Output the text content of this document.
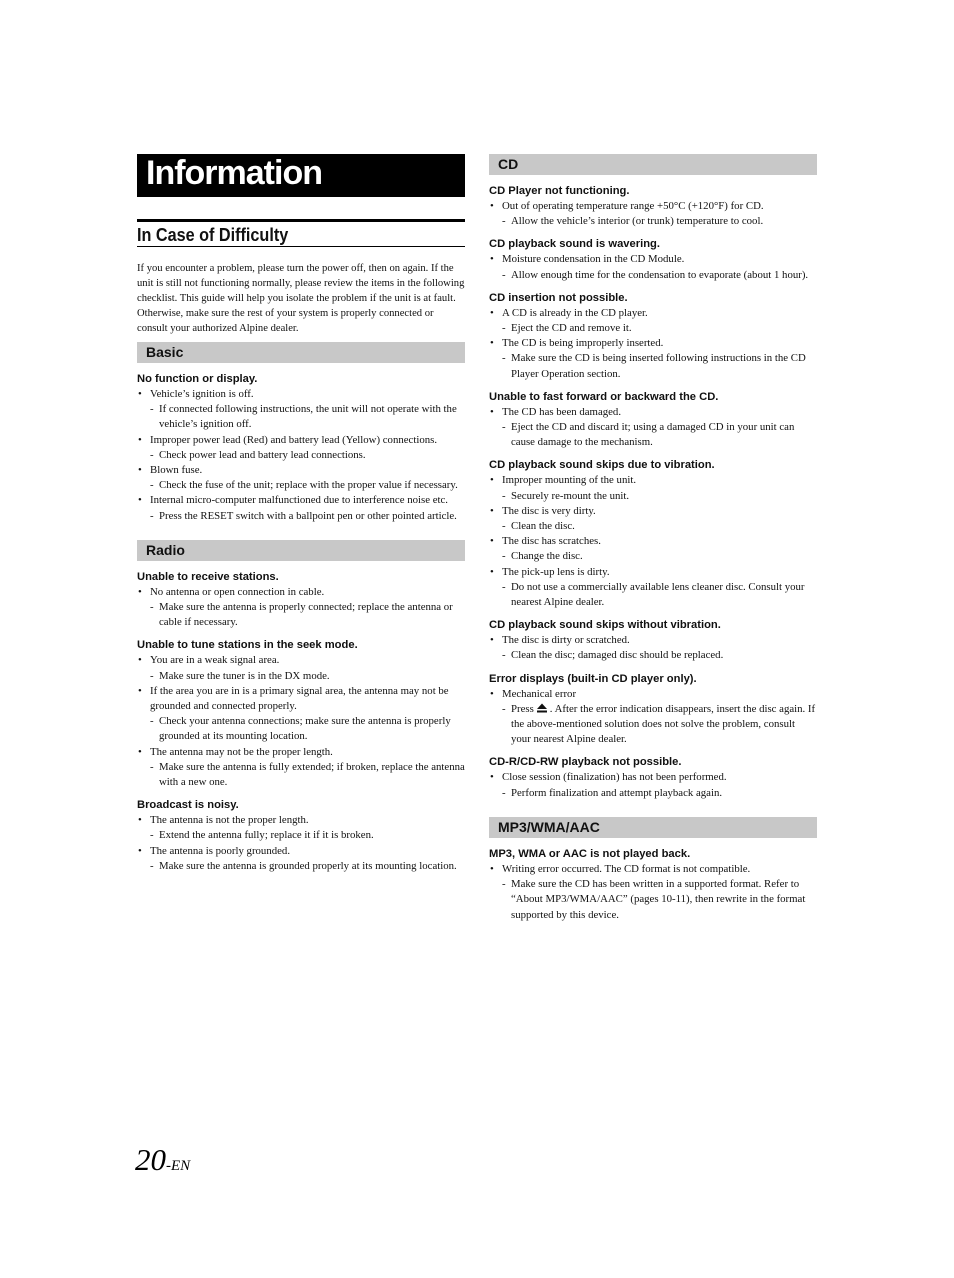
Information
In Case of Difficulty
If you encounter a problem, please turn the power off, then on again. If the unit is still not functioning normally, please review the items in the following checklist. This guide will help you isolate the problem if the unit is at fault. Otherwise, make sure the rest of your system is properly connected or consult your authorized Alpine dealer.
Basic
No function or display.
• Vehicle’s ignition is off.
- If connected following instructions, the unit will not operate with the vehicle’s ignition off.
• Improper power lead (Red) and battery lead (Yellow) connections.
- Check power lead and battery lead connections.
• Blown fuse.
- Check the fuse of the unit; replace with the proper value if necessary.
• Internal micro-computer malfunctioned due to interference noise etc.
- Press the RESET switch with a ballpoint pen or other pointed article.
Radio
Unable to receive stations.
• No antenna or open connection in cable.
- Make sure the antenna is properly connected; replace the antenna or cable if necessary.
Unable to tune stations in the seek mode.
• You are in a weak signal area.
- Make sure the tuner is in the DX mode.
• If the area you are in is a primary signal area, the antenna may not be grounded and connected properly.
- Check your antenna connections; make sure the antenna is properly grounded at its mounting location.
• The antenna may not be the proper length.
- Make sure the antenna is fully extended; if broken, replace the antenna with a new one.
Broadcast is noisy.
• The antenna is not the proper length.
- Extend the antenna fully; replace it if it is broken.
• The antenna is poorly grounded.
- Make sure the antenna is grounded properly at its mounting location.
CD
CD Player not functioning.
• Out of operating temperature range +50°C (+120°F) for CD.
- Allow the vehicle’s interior (or trunk) temperature to cool.
CD playback sound is wavering.
• Moisture condensation in the CD Module.
- Allow enough time for the condensation to evaporate (about 1 hour).
CD insertion not possible.
• A CD is already in the CD player.
- Eject the CD and remove it.
• The CD is being improperly inserted.
- Make sure the CD is being inserted following instructions in the CD Player Operation section.
Unable to fast forward or backward the CD.
• The CD has been damaged.
- Eject the CD and discard it; using a damaged CD in your unit can cause damage to the mechanism.
CD playback sound skips due to vibration.
• Improper mounting of the unit.
- Securely re-mount the unit.
• The disc is very dirty.
- Clean the disc.
• The disc has scratches.
- Change the disc.
• The pick-up lens is dirty.
- Do not use a commercially available lens cleaner disc. Consult your nearest Alpine dealer.
CD playback sound skips without vibration.
• The disc is dirty or scratched.
- Clean the disc; damaged disc should be replaced.
Error displays (built-in CD player only).
• Mechanical error
- Press . After the error indication disappears, insert the disc again. If the above-mentioned solution does not solve the problem, consult your nearest Alpine dealer.
CD-R/CD-RW playback not possible.
• Close session (finalization) has not been performed.
- Perform finalization and attempt playback again.
MP3/WMA/AAC
MP3, WMA or AAC is not played back.
• Writing error occurred. The CD format is not compatible.
- Make sure the CD has been written in a supported format. Refer to “About MP3/WMA/AAC” (pages 10-11), then rewrite in the format supported by this device.
20-EN
